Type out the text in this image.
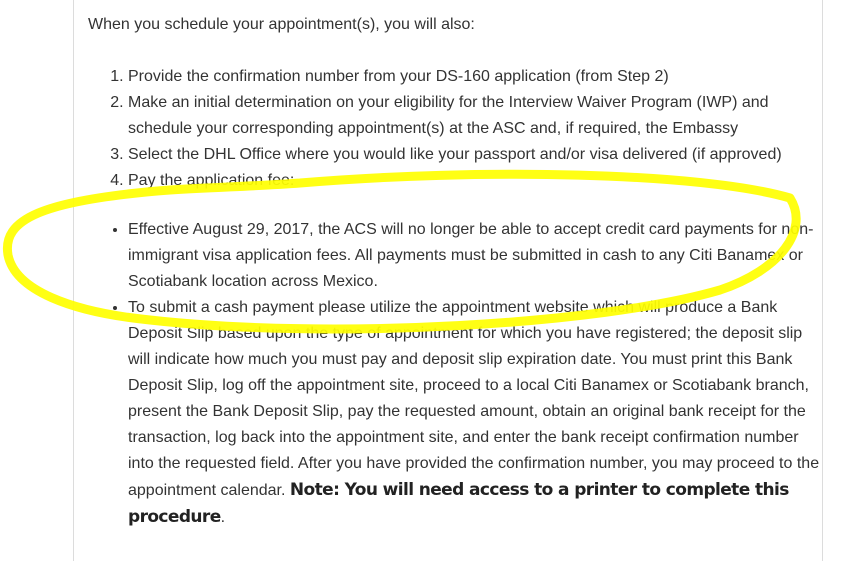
When you schedule your appointment(s), you will also:

1. Provide the confirmation number from your DS-160 application (from Step 2)
2. Make an initial determination on your eligibility for the Interview Waiver Program (IWP) and schedule your corresponding appointment(s) at the ASC and, if required, the Embassy
3. Select the DHL Office where you would like your passport and/or visa delivered (if approved)
4. Pay the application fee:
• Effective August 29, 2017, the ACS will no longer be able to accept credit card payments for non-immigrant visa application fees. All payments must be submitted in cash to any Citi Banamex or Scotiabank location across Mexico.
• To submit a cash payment please utilize the appointment website which will produce a Bank Deposit Slip based upon the type of appointment for which you have registered; the deposit slip will indicate how much you must pay and deposit slip expiration date. You must print this Bank Deposit Slip, log off the appointment site, proceed to a local Citi Banamex or Scotiabank branch, present the Bank Deposit Slip, pay the requested amount, obtain an original bank receipt for the transaction, log back into the appointment site, and enter the bank receipt confirmation number into the requested field. After you have provided the confirmation number, you may proceed to the appointment calendar. Note: You will need access to a printer to complete this procedure.
